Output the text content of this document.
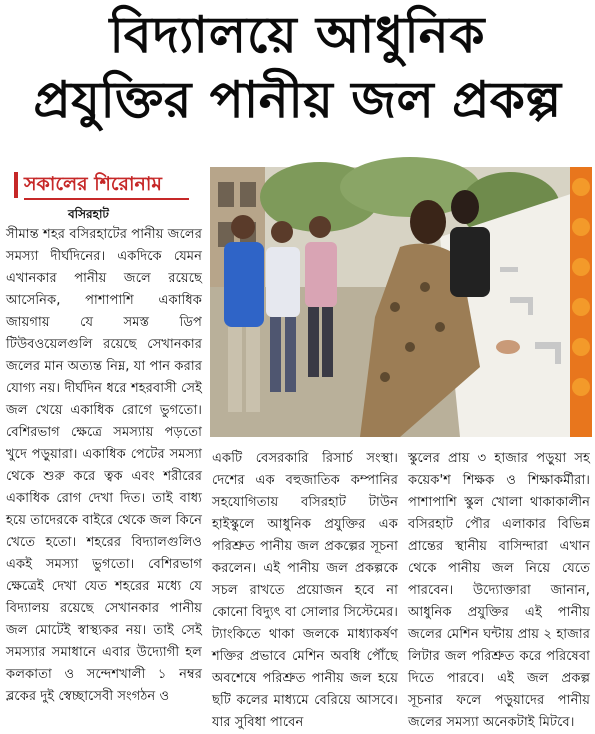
বিদ্যালয়ে আধুনিক
প্রযুক্তির পানীয় জল প্রকল্প
সকালের শিরোনাম
বসিরহাট
সীমান্ত শহর বসিরহাটের পানীয় জলের সমস্যা দীর্ঘদিনের। একদিকে যেমন এখানকার পানীয় জলে রয়েছে আসেনিক, পাশাপাশি একাধিক জায়গায় যে সমস্ত ডিপ টিউবওয়েলগুলি রয়েছে সেখানকার জলের মান অত্যন্ত নিম্ন, যা পান করার যোগ্য নয়। দীর্ঘদিন ধরে শহরবাসী সেই জল খেয়ে একাধিক রোগে ভুগতো। বেশিরভাগ ক্ষেত্রে সমস্যায় পড়তো খুদে পড়ুয়ারা। একাধিক পেটের সমস্যা থেকে শুরু করে ত্বক এবং শরীরের একাধিক রোগ দেখা দিত। তাই বাধ্য হয়ে তাদেরকে বাইরে থেকে জল কিনে খেতে হতো। শহরের বিদ্যালগুলিও একই সমস্যা ভুগতো। বেশিরভাগ ক্ষেত্রেই দেখা যেত শহরের মধ্যে যে বিদ্যালয় রয়েছে সেখানকার পানীয় জল মোটেই স্বাস্থ্যকর নয়। তাই সেই সমস্যার সমাধানে এবার উদ্যোগী হল কলকাতা ও সন্দেশখালী ১ নম্বর ব্লকের দুই স্বেচ্ছাসেবী সংগঠন ও
একটি বেসরকারি রিসার্চ সংস্থা। দেশের এক বহুজাতিক কম্পানির সহযোগিতায় বসিরহাট টাউন হাইস্কুলে আধুনিক প্রযুক্তির এক পরিশ্রুত পানীয় জল প্রকল্পের সূচনা করলেন। এই পানীয় জল প্রকল্পকে সচল রাখতে প্রয়োজন হবে না কোনো বিদ্যুৎ বা সোলার সিস্টেমের। ট্যাংকিতে থাকা জলকে মাধ্যাকর্ষণ শক্তির প্রভাবে মেশিন অবধি পৌঁছে অবশেষে পরিশ্রুত পানীয় জল হয়ে ছটি কলের মাধ্যমে বেরিয়ে আসবে। যার সুবিধা পাবেন
স্কুলের প্রায় ৩ হাজার পড়ুয়া সহ কয়েক'শ শিক্ষক ও শিক্ষাকর্মীরা। পাশাপাশি স্কুল খোলা থাকাকালীন বসিরহাট পৌর এলাকার বিভিন্ন প্রান্তের স্থানীয় বাসিন্দারা এখান থেকে পানীয় জল নিয়ে যেতে পারবেন। উদ্যোক্তারা জানান, আধুনিক প্রযুক্তির এই পানীয় জলের মেশিন ঘন্টায় প্রায় ২ হাজার লিটার জল পরিশ্রুত করে পরিষেবা দিতে পারবে। এই জল প্রকল্প সূচনার ফলে পড়ুয়াদের পানীয় জলের সমস্যা অনেকটাই মিটবে।
